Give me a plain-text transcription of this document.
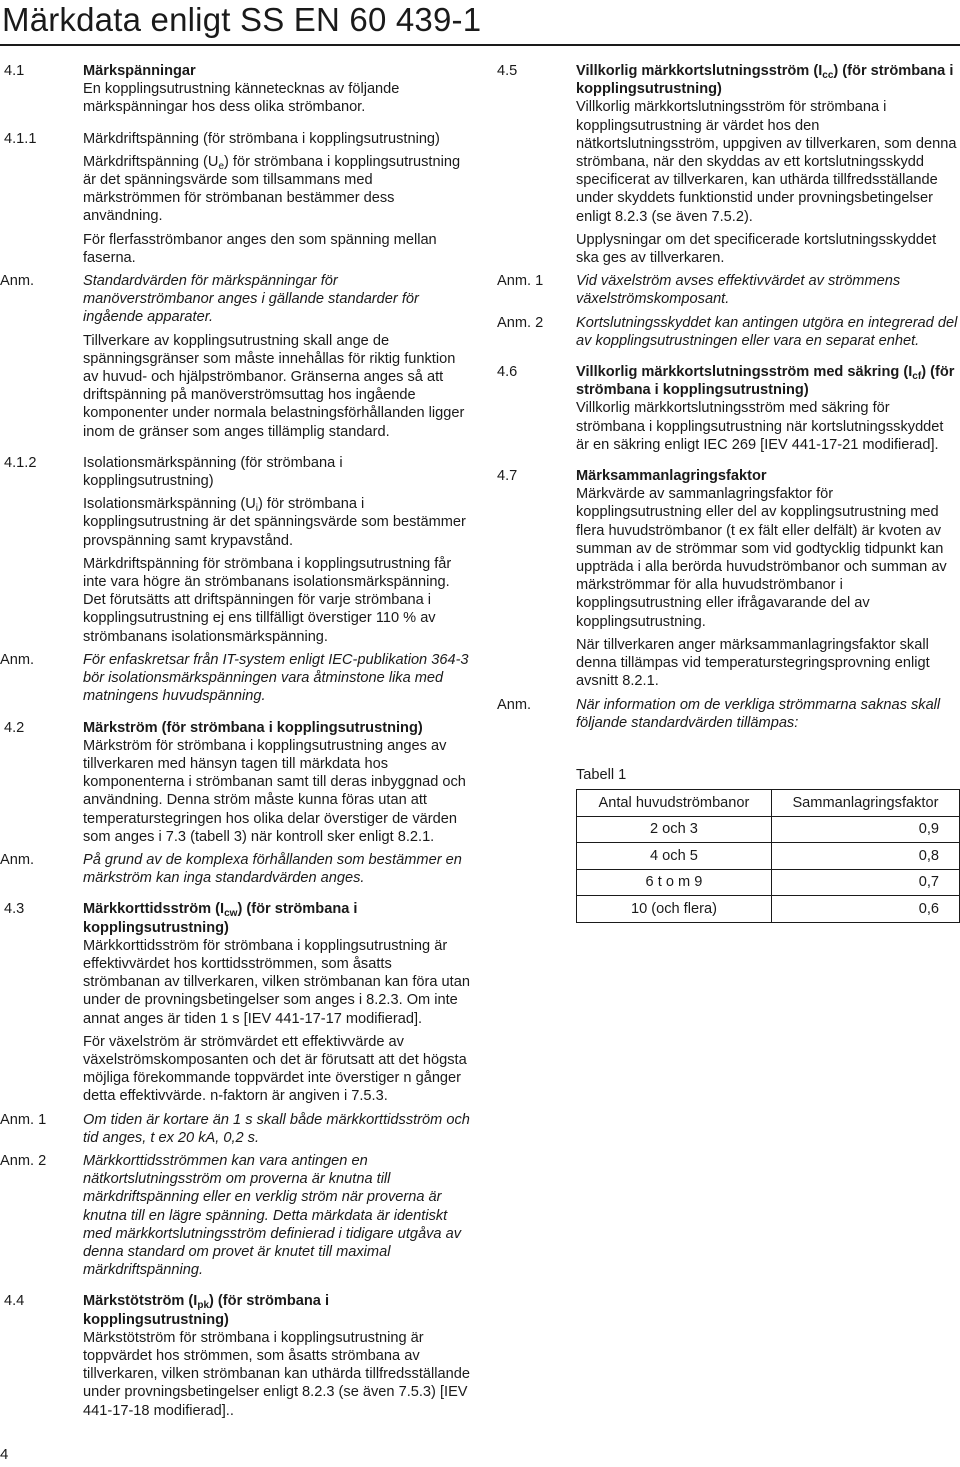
Märkdata enligt SS EN 60 439-1
4.1	Märkspänningar
En kopplingsutrustning kännetecknas av följande märkspänningar hos dess olika strömbanor.
4.1.1	Märkdriftspänning (för strömbana i kopplingsutrustning)
Märkdriftspänning $(U_e)$ för strömbana i kopplingsutrustning är det spänningsvärde som tillsammans med märkströmmen för strömbanan bestämmer dess användning.
För flerfasströmbanor anges den som spänning mellan faserna.
Anm.	Standardvärden för märkspänningar för manöverströmbanor anges i gällande standarder för ingående apparater.
Tillverkare av kopplingsutrustning skall ange de spänningsgränser som måste innehållas för riktig funktion av huvud- och hjälpströmbanor. Gränserna anges så att driftspänning på manöverströmsuttag hos ingående komponenter under normala belastningsförhållanden ligger inom de gränser som anges tillämplig standard.
4.1.2	Isolationsmärkspänning (för strömbana i kopplingsutrustning)
Isolationsmärkspänning $(U_i)$ för strömbana i kopplingsutrustning är det spänningsvärde som bestämmer provspänning samt krypavstånd.
Märkdriftspänning för strömbana i kopplingsutrustning får inte vara högre än strömbanans isolationsmärkspänning. Det förutsätts att driftspänningen för varje strömbana i kopplingsutrustning ej ens tillfälligt överstiger 110 % av strömbanans isolationsmärkspänning.
Anm.	För enfaskretsar från IT-system enligt IEC-publikation 364-3 bör isolationsmärkspänningen vara åtminstone lika med matningens huvudspänning.
4.2	Märkström (för strömbana i kopplingsutrustning)
Märkström för strömbana i kopplingsutrustning anges av tillverkaren med hänsyn tagen till märkdata hos komponenterna i strömbanan samt till deras inbyggnad och användning. Denna ström måste kunna föras utan att temperaturstegringen hos olika delar överstiger de värden som anges i 7.3 (tabell 3) när kontroll sker enligt 8.2.1.
Anm.	På grund av de komplexa förhållanden som bestämmer en märkström kan inga standardvärden anges.
4.3	Märkkorttidsström $(I_{cw})$ (för strömbana i kopplingsutrustning)
Märkkorttidsström för strömbana i kopplingsutrustning är effektivvärdet hos korttidsströmmen, som åsatts strömbanan av tillverkaren, vilken strömbanan kan föra utan under de provningsbetingelser som anges i 8.2.3. Om inte annat anges är tiden 1 s [IEV 441-17-17 modifierad].
För växelström är strömvärdet ett effektivvärde av växelströmskomposanten och det är förutsatt att det högsta möjliga förekommande toppvärdet inte överstiger n gånger detta effektivvärde. n-faktorn är angiven i 7.5.3.
Anm. 1	Om tiden är kortare än 1 s skall både märkkorttidsström och tid anges, t ex 20 kA, 0,2 s.
Anm. 2	Märkkorttidsströmmen kan vara antingen en nätkortslutningsström om proverna är knutna till märkdriftspänning eller en verklig ström när proverna är knutna till en lägre spänning. Detta märkdata är identiskt med märkkortslutningsström definierad i tidigare utgåva av denna standard om provet är knutet till maximal märkdriftspänning.
4.4	Märkstötström $(I_{pk})$ (för strömbana i kopplingsutrustning)
Märkstötström för strömbana i kopplingsutrustning är toppvärdet hos strömmen, som åsatts strömbana av tillverkaren, vilken strömbanan kan uthärda tillfredsställande under provningsbetingelser enligt 8.2.3 (se även 7.5.3) [IEV 441-17-18 modifierad]..
4.5	Villkorlig märkkortslutningsström $(I_{cc})$ (för strömbana i kopplingsutrustning)
Villkorlig märkkortslutningsström för strömbana i kopplingsutrustning är värdet hos den nätkortslutningsström, uppgiven av tillverkaren, som denna strömbana, när den skyddas av ett kortslutningsskydd specificerat av tillverkaren, kan uthärda tillfredsställande under skyddets funktionstid under provningsbetingelser enligt 8.2.3 (se även 7.5.2).
Upplysningar om det specificerade kortslutningsskyddet ska ges av tillverkaren.
Anm. 1 Vid växelström avses effektivvärdet av strömmens växelströmskomposant.
Anm. 2 Kortslutningsskyddet kan antingen utgöra en integrerad del av kopplingsutrustningen eller vara en separat enhet.
4.6	Villkorlig märkkortslutningsström med säkring $(I_{cf})$ (för strömbana i kopplingsutrustning)
Villkorlig märkkortslutningsström med säkring för strömbana i kopplingsutrustning när kortslutningsskyddet är en säkring enligt IEC 269 [IEV 441-17-21 modifierad].
4.7	Märksammanlagringsfaktor
Märkvärde av sammanlagringsfaktor för kopplingsutrustning eller del av kopplingsutrustning med flera huvudströmbanor (t ex fält eller delfält) är kvoten av summan av de strömmar som vid godtycklig tidpunkt kan uppträda i alla berörda huvudströmbanor och summan av märkströmmar för alla huvudströmbanor i kopplingsutrustning eller ifrågavarande del av kopplingsutrustning.
När tillverkaren anger märksammanlagringsfaktor skall denna tillämpas vid temperaturstegringsprovning enligt avsnitt 8.2.1.
Anm.	När information om de verkliga strömmarna saknas skall följande standardvärden tillämpas:
Tabell 1
Antal huvudströmbanor	Sammanlagringsfaktor
2 och 3	0,9
4 och 5	0,8
6 t o m 9	0,7
10 (och flera)	0,6
4
